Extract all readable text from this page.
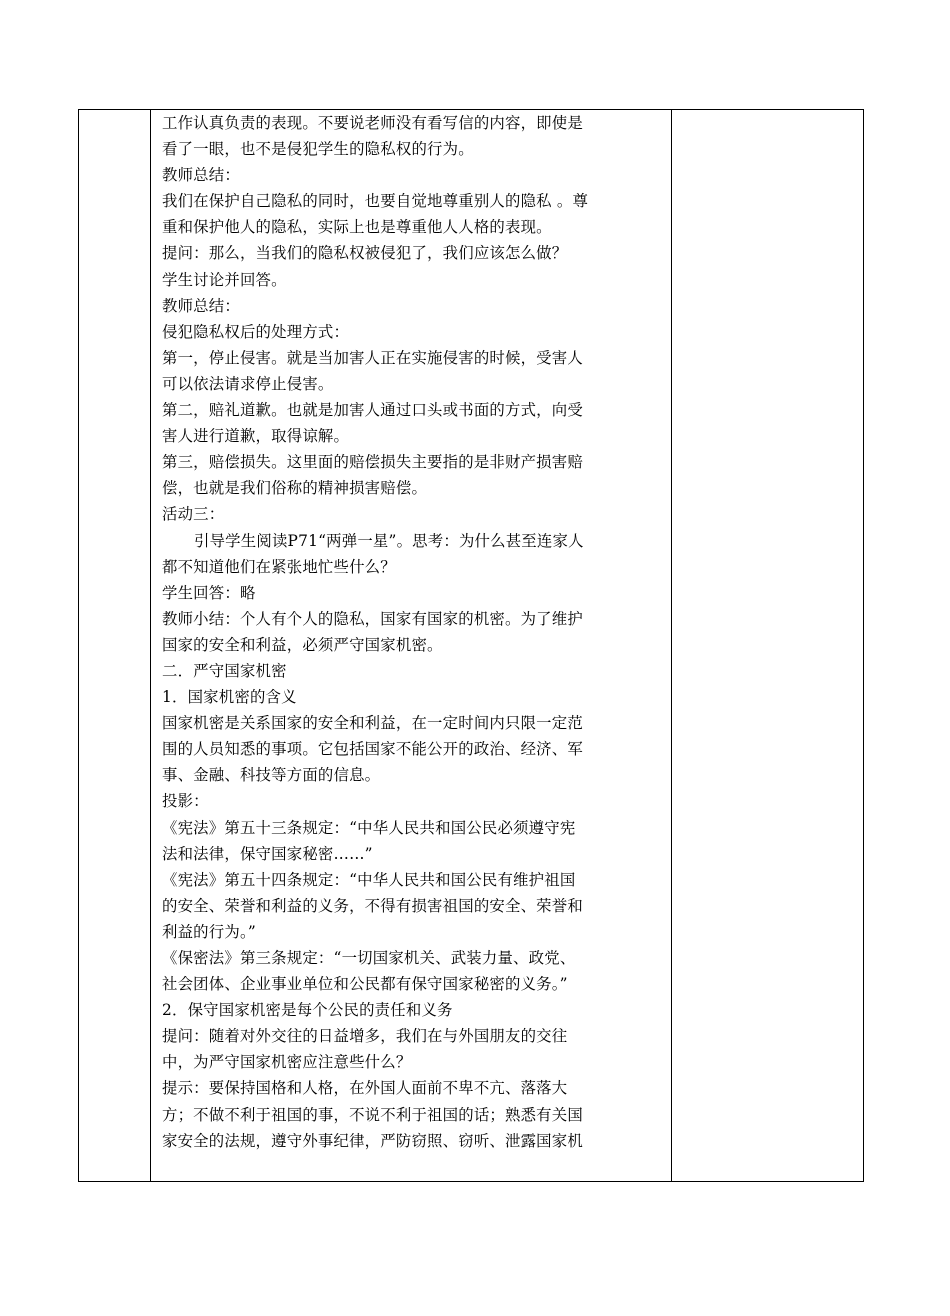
工作认真负责的表现。不要说老师没有看写信的内容，即使是
看了一眼，也不是侵犯学生的隐私权的行为。
教师总结：
我们在保护自己隐私的同时，也要自觉地尊重别人的隐私 。尊
重和保护他人的隐私，实际上也是尊重他人人格的表现。
提问：那么，当我们的隐私权被侵犯了，我们应该怎么做？
学生讨论并回答。
教师总结：
侵犯隐私权后的处理方式：
第一，停止侵害。就是当加害人正在实施侵害的时候，受害人
可以依法请求停止侵害。
第二，赔礼道歉。也就是加害人通过口头或书面的方式，向受
害人进行道歉，取得谅解。
第三，赔偿损失。这里面的赔偿损失主要指的是非财产损害赔
偿，也就是我们俗称的精神损害赔偿。
活动三：
引导学生阅读P71“两弹一星”。思考：为什么甚至连家人
都不知道他们在紧张地忙些什么？
学生回答：略
教师小结：个人有个人的隐私，国家有国家的机密。为了维护
国家的安全和利益，必须严守国家机密。
二．严守国家机密
1．国家机密的含义
国家机密是关系国家的安全和利益，在一定时间内只限一定范
围的人员知悉的事项。它包括国家不能公开的政治、经济、军
事、金融、科技等方面的信息。
投影：
《宪法》第五十三条规定：“中华人民共和国公民必须遵守宪
法和法律，保守国家秘密……”
《宪法》第五十四条规定：“中华人民共和国公民有维护祖国
的安全、荣誉和利益的义务，不得有损害祖国的安全、荣誉和
利益的行为。”
《保密法》第三条规定：“一切国家机关、武装力量、政党、
社会团体、企业事业单位和公民都有保守国家秘密的义务。”
2．保守国家机密是每个公民的责任和义务
提问：随着对外交往的日益增多，我们在与外国朋友的交往
中，为严守国家机密应注意些什么？
提示：要保持国格和人格，在外国人面前不卑不亢、落落大
方；不做不利于祖国的事，不说不利于祖国的话；熟悉有关国
家安全的法规，遵守外事纪律，严防窃照、窃听、泄露国家机
